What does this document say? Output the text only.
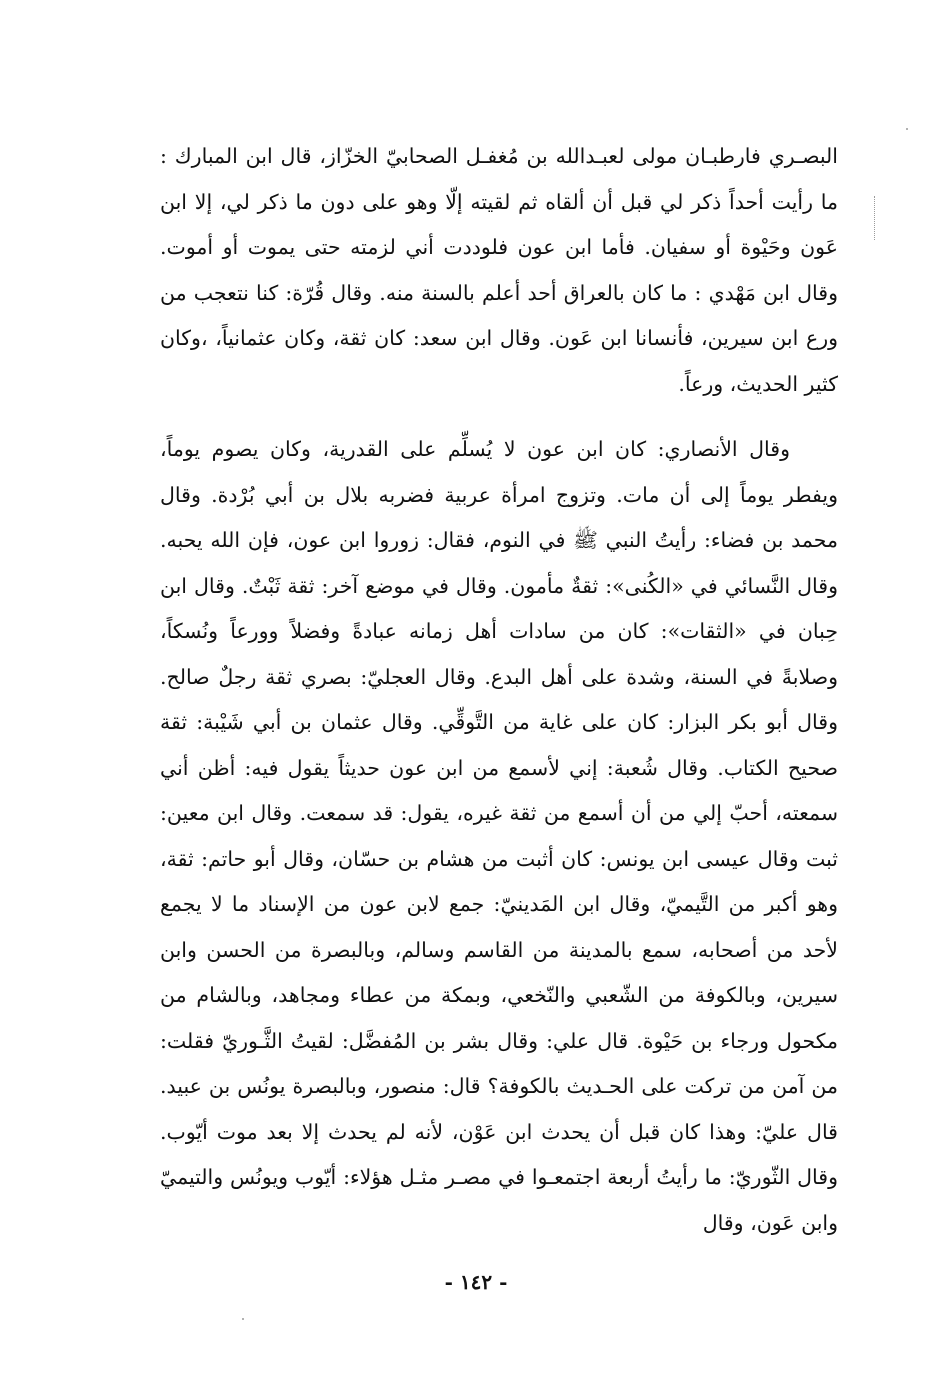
البصـري فارطبـان مولى لعبـدالله بن مُغفـل الصحابيّ الخزّاز، قال ابن المبارك : ما رأيت أحداً ذكر لي قبل أن ألقاه ثم لقيته إلّا وهو على دون ما ذكر لي، إلا ابن عَون وحَيْوة أو سفيان. فأما ابن عون فلوددت أني لزمته حتى يموت أو أموت. وقال ابن مَهْدي : ما كان بالعراق أحد أعلم بالسنة منه. وقال قُرّة: كنا نتعجب من ورع ابن سيرين، فأنسانا ابن عَون. وقال ابن سعد: كان ثقة، وكان عثمانياً، ،وكان كثير الحديث، ورعاً.

وقال الأنصاري: كان ابن عون لا يُسلِّم على القدرية، وكان يصوم يوماً، ويفطر يوماً إلى أن مات. وتزوج امرأة عربية فضربه بلال بن أبي بُرْدة. وقال محمد بن فضاء: رأيتُ النبي ﷺ في النوم، فقال: زوروا ابن عون، فإن الله يحبه. وقال النَّسائي في «الكُنى»: ثقةٌ مأمون. وقال في موضع آخر: ثقة ثَبْتٌ. وقال ابن حِبان في «الثقات»: كان من سادات أهل زمانه عبادةً وفضلاً وورعاً ونُسكاً، وصلابةً في السنة، وشدة على أهل البدع. وقال العجليّ: بصري ثقة رجلٌ صالح. وقال أبو بكر البزار: كان على غاية من التَّوقِّي. وقال عثمان بن أبي شَيْبة: ثقة صحيح الكتاب. وقال شُعبة: إني لأسمع من ابن عون حديثاً يقول فيه: أظن أني سمعته، أحبّ إلي من أن أسمع من ثقة غيره، يقول: قد سمعت. وقال ابن معين: ثبت وقال عيسى ابن يونس: كان أثبت من هشام بن حسّان، وقال أبو حاتم: ثقة، وهو أكبر من التَّيميّ، وقال ابن المَدينيّ: جمع لابن عون من الإسناد ما لا يجمع لأحد من أصحابه، سمع بالمدينة من القاسم وسالم، وبالبصرة من الحسن وابن سيرين، وبالكوفة من الشّعبي والنّخعي، وبمكة من عطاء ومجاهد، وبالشام من مكحول ورجاء بن حَيْوة. قال علي: وقال بشر بن المُفضَّل: لقيتُ الثَّـوريّ فقلت: من آمن من تركت على الحـديث بالكوفة؟ قال: منصور، وبالبصرة يونُس بن عبيد. قال عليّ: وهذا كان قبل أن يحدث ابن عَوْن، لأنه لم يحدث إلا بعد موت أيّوب. وقال الثّوريّ: ما رأيتُ أربعة اجتمعـوا في مصـر مثـل هؤلاء: أيّوب ويونُس والتيميّ وابن عَون، وقال

- ١٤٢ -
